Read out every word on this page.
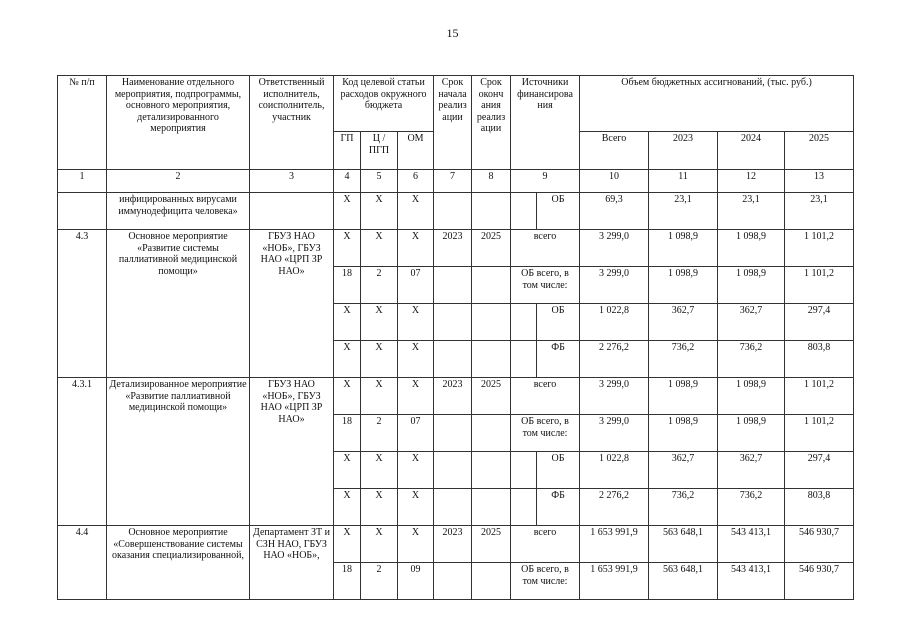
15
№ п/п	Наименование отдельного мероприятия, подпрограммы, основного мероприятия, детализированного мероприятия	Ответственный исполнитель, соисполнитель, участник	Код целевой статьи расходов окружного бюджета			Срок начала реализ ации	Срок оконч ания реализ ации	Источники финансирова ния		Объем бюджетных ассигнований, (тыс. руб.)			
			ГП	Ц / ПГП	ОМ					Всего	2023	2024	2025
1	2	3	4	5	6	7	8	9		10	11	12	13
	инфицированных вирусами иммунодефицита человека»		Х	Х	Х				ОБ	69,3	23,1	23,1	23,1
4.3	Основное мероприятие «Развитие системы паллиативной медицинской помощи»	ГБУЗ НАО «НОБ», ГБУЗ НАО «ЦРП ЗР НАО»	Х	Х	Х	2023	2025	всего		3 299,0	1 098,9	1 098,9	1 101,2
			18	2	07			ОБ всего, в том числе:		3 299,0	1 098,9	1 098,9	1 101,2
			Х	Х	Х				ОБ	1 022,8	362,7	362,7	297,4
			Х	Х	Х				ФБ	2 276,2	736,2	736,2	803,8
4.3.1	Детализированное мероприятие «Развитие паллиативной медицинской помощи»	ГБУЗ НАО «НОБ», ГБУЗ НАО «ЦРП ЗР НАО»	Х	Х	Х	2023	2025	всего		3 299,0	1 098,9	1 098,9	1 101,2
			18	2	07			ОБ всего, в том числе:		3 299,0	1 098,9	1 098,9	1 101,2
			Х	Х	Х				ОБ	1 022,8	362,7	362,7	297,4
			Х	Х	Х				ФБ	2 276,2	736,2	736,2	803,8
4.4	Основное мероприятие «Совершенствование системы оказания специализированной,	Департамент ЗТ и СЗН НАО, ГБУЗ НАО «НОБ»,	Х	Х	Х	2023	2025	всего		1 653 991,9	563 648,1	543 413,1	546 930,7
			18	2	09			ОБ всего, в том числе:		1 653 991,9	563 648,1	543 413,1	546 930,7
